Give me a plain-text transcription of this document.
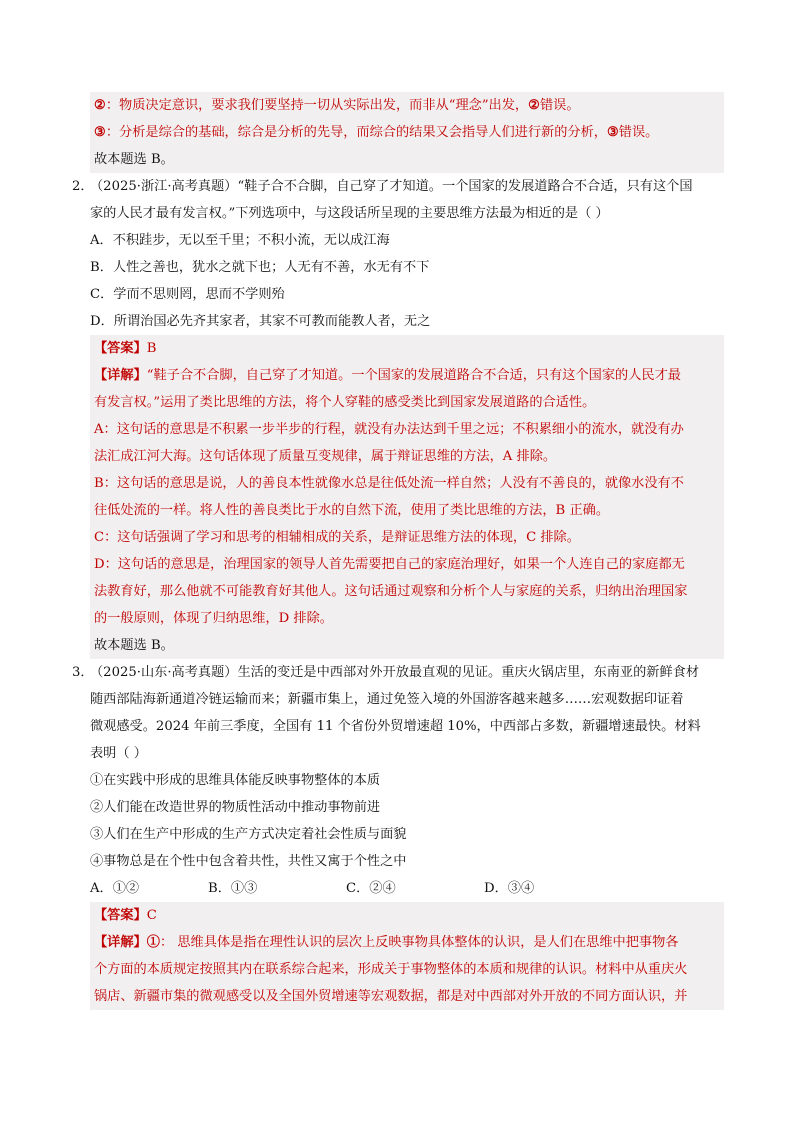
②：物质决定意识，要求我们要坚持一切从实际出发，而非从“理念”出发，②错误。
③：分析是综合的基础，综合是分析的先导，而综合的结果又会指导人们进行新的分析，③错误。
故本题选 B。
2．
（2025·浙江·高考真题）“鞋子合不合脚，自己穿了才知道。一个国家的发展道路合不合适，只有这个国
家的人民才最有发言权。”下列选项中，与这段话所呈现的主要思维方法最为相近的是（ ）
A．不积跬步，无以至千里；不积小流，无以成江海
B．人性之善也，犹水之就下也；人无有不善，水无有不下
C．学而不思则罔，思而不学则殆
D．所谓治国必先齐其家者，其家不可教而能教人者，无之
【答案】B
【详解】“鞋子合不合脚，自己穿了才知道。一个国家的发展道路合不合适，只有这个国家的人民才最
有发言权。”运用了类比思维的方法，将个人穿鞋的感受类比到国家发展道路的合适性。
A：这句话的意思是不积累一步半步的行程，就没有办法达到千里之远；不积累细小的流水，就没有办
法汇成江河大海。这句话体现了质量互变规律，属于辩证思维的方法，A 排除。
B：这句话的意思是说，人的善良本性就像水总是往低处流一样自然；人没有不善良的，就像水没有不
往低处流的一样。将人性的善良类比于水的自然下流，使用了类比思维的方法，B 正确。
C：这句话强调了学习和思考的相辅相成的关系，是辩证思维方法的体现，C 排除。
D：这句话的意思是，治理国家的领导人首先需要把自己的家庭治理好，如果一个人连自己的家庭都无
法教育好，那么他就不可能教育好其他人。这句话通过观察和分析个人与家庭的关系，归纳出治理国家
的一般原则，体现了归纳思维，D 排除。
故本题选 B。
3．
（2025·山东·高考真题）生活的变迁是中西部对外开放最直观的见证。重庆火锅店里，东南亚的新鲜食材
随西部陆海新通道冷链运输而来；新疆市集上，通过免签入境的外国游客越来越多……宏观数据印证着
微观感受。2024 年前三季度，全国有 11 个省份外贸增速超 10%，中西部占多数，新疆增速最快。材料
表明（ ）
①在实践中形成的思维具体能反映事物整体的本质
②人们能在改造世界的物质性活动中推动事物前进
③人们在生产中形成的生产方式决定着社会性质与面貌
④事物总是在个性中包含着共性，共性又寓于个性之中
A．①②	B．①③	C．②④	D．③④
【答案】C
【详解】①： 思维具体是指在理性认识的层次上反映事物具体整体的认识，是人们在思维中把事物各
个方面的本质规定按照其内在联系综合起来，形成关于事物整体的本质和规律的认识。材料中从重庆火
锅店、新疆市集的微观感受以及全国外贸增速等宏观数据，都是对中西部对外开放的不同方面认识，并
